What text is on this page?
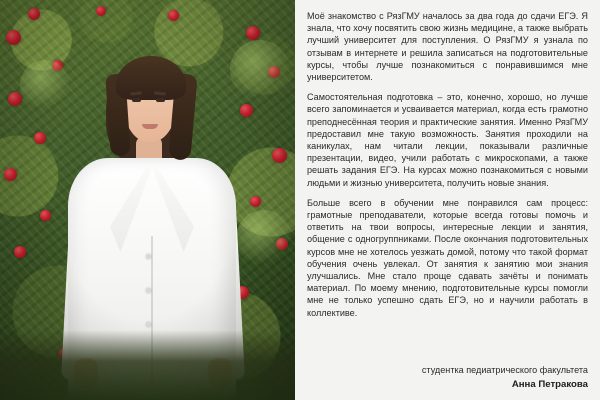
Моё знакомство с РязГМУ началось за два года до сдачи ЕГЭ. Я знала, что хочу посвятить свою жизнь медицине, а также выбрать лучший университет для поступления. О РязГМУ я узнала по отзывам в интернете и решила записаться на подготовительные курсы, чтобы лучше познакомиться с понравившимся мне университетом.

Самостоятельная подготовка – это, конечно, хорошо, но лучше всего запоминается и усваивается материал, когда есть грамотно преподнесённая теория и практические занятия. Именно РязГМУ предоставил мне такую возможность. Занятия проходили на каникулах, нам читали лекции, показывали различные презентации, видео, учили работать с микроскопами, а также решать задания ЕГЭ. На курсах можно познакомиться с новыми людьми и жизнью университета, получить новые знания.

Больше всего в обучении мне понравился сам процесс: грамотные преподаватели, которые всегда готовы помочь и ответить на твои вопросы, интересные лекции и занятия, общение с одногруппниками. После окончания подготовительных курсов мне не хотелось уезжать домой, потому что такой формат обучения очень увлекал. От занятия к занятию мои знания улучшались. Мне стало проще сдавать зачёты и понимать материал. По моему мнению, подготовительные курсы помогли мне не только успешно сдать ЕГЭ, но и научили работать в коллективе.

студентка педиатрического факультета
Анна Петракова
